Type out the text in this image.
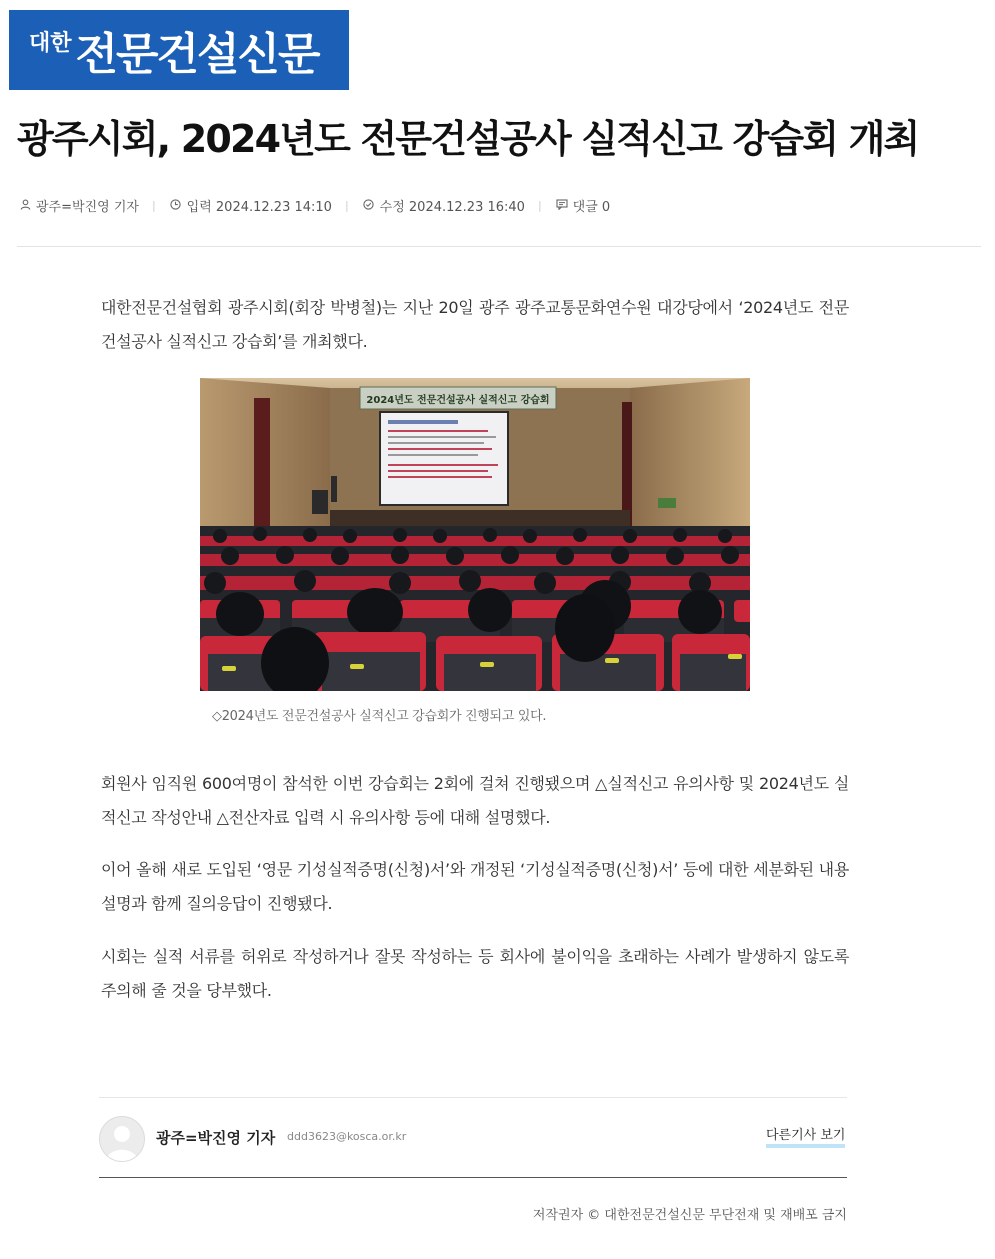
대한 전문건설신문
광주시회, 2024년도 전문건설공사 실적신고 강습회 개최
광주=박진영 기자 | 입력 2024.12.23 14:10 | 수정 2024.12.23 16:40 | 댓글 0

대한전문건설협회 광주시회(회장 박병철)는 지난 20일 광주 광주교통문화연수원 대강당에서 ‘2024년도 전문건설공사 실적신고 강습회’를 개최했다.

2024년도 전문건설공사 실적신고 강습회
◇2024년도 전문건설공사 실적신고 강습회가 진행되고 있다.

회원사 임직원 600여명이 참석한 이번 강습회는 2회에 걸쳐 진행됐으며 △실적신고 유의사항 및 2024년도 실적신고 작성안내 △전산자료 입력 시 유의사항 등에 대해 설명했다.

이어 올해 새로 도입된 ‘영문 기성실적증명(신청)서’와 개정된 ‘기성실적증명(신청)서’ 등에 대한 세분화된 내용 설명과 함께 질의응답이 진행됐다.

시회는 실적 서류를 허위로 작성하거나 잘못 작성하는 등 회사에 불이익을 초래하는 사례가 발생하지 않도록 주의해 줄 것을 당부했다.

광주=박진영 기자 ddd3623@kosca.or.kr	다른기사 보기
저작권자 © 대한전문건설신문 무단전재 및 재배포 금지
